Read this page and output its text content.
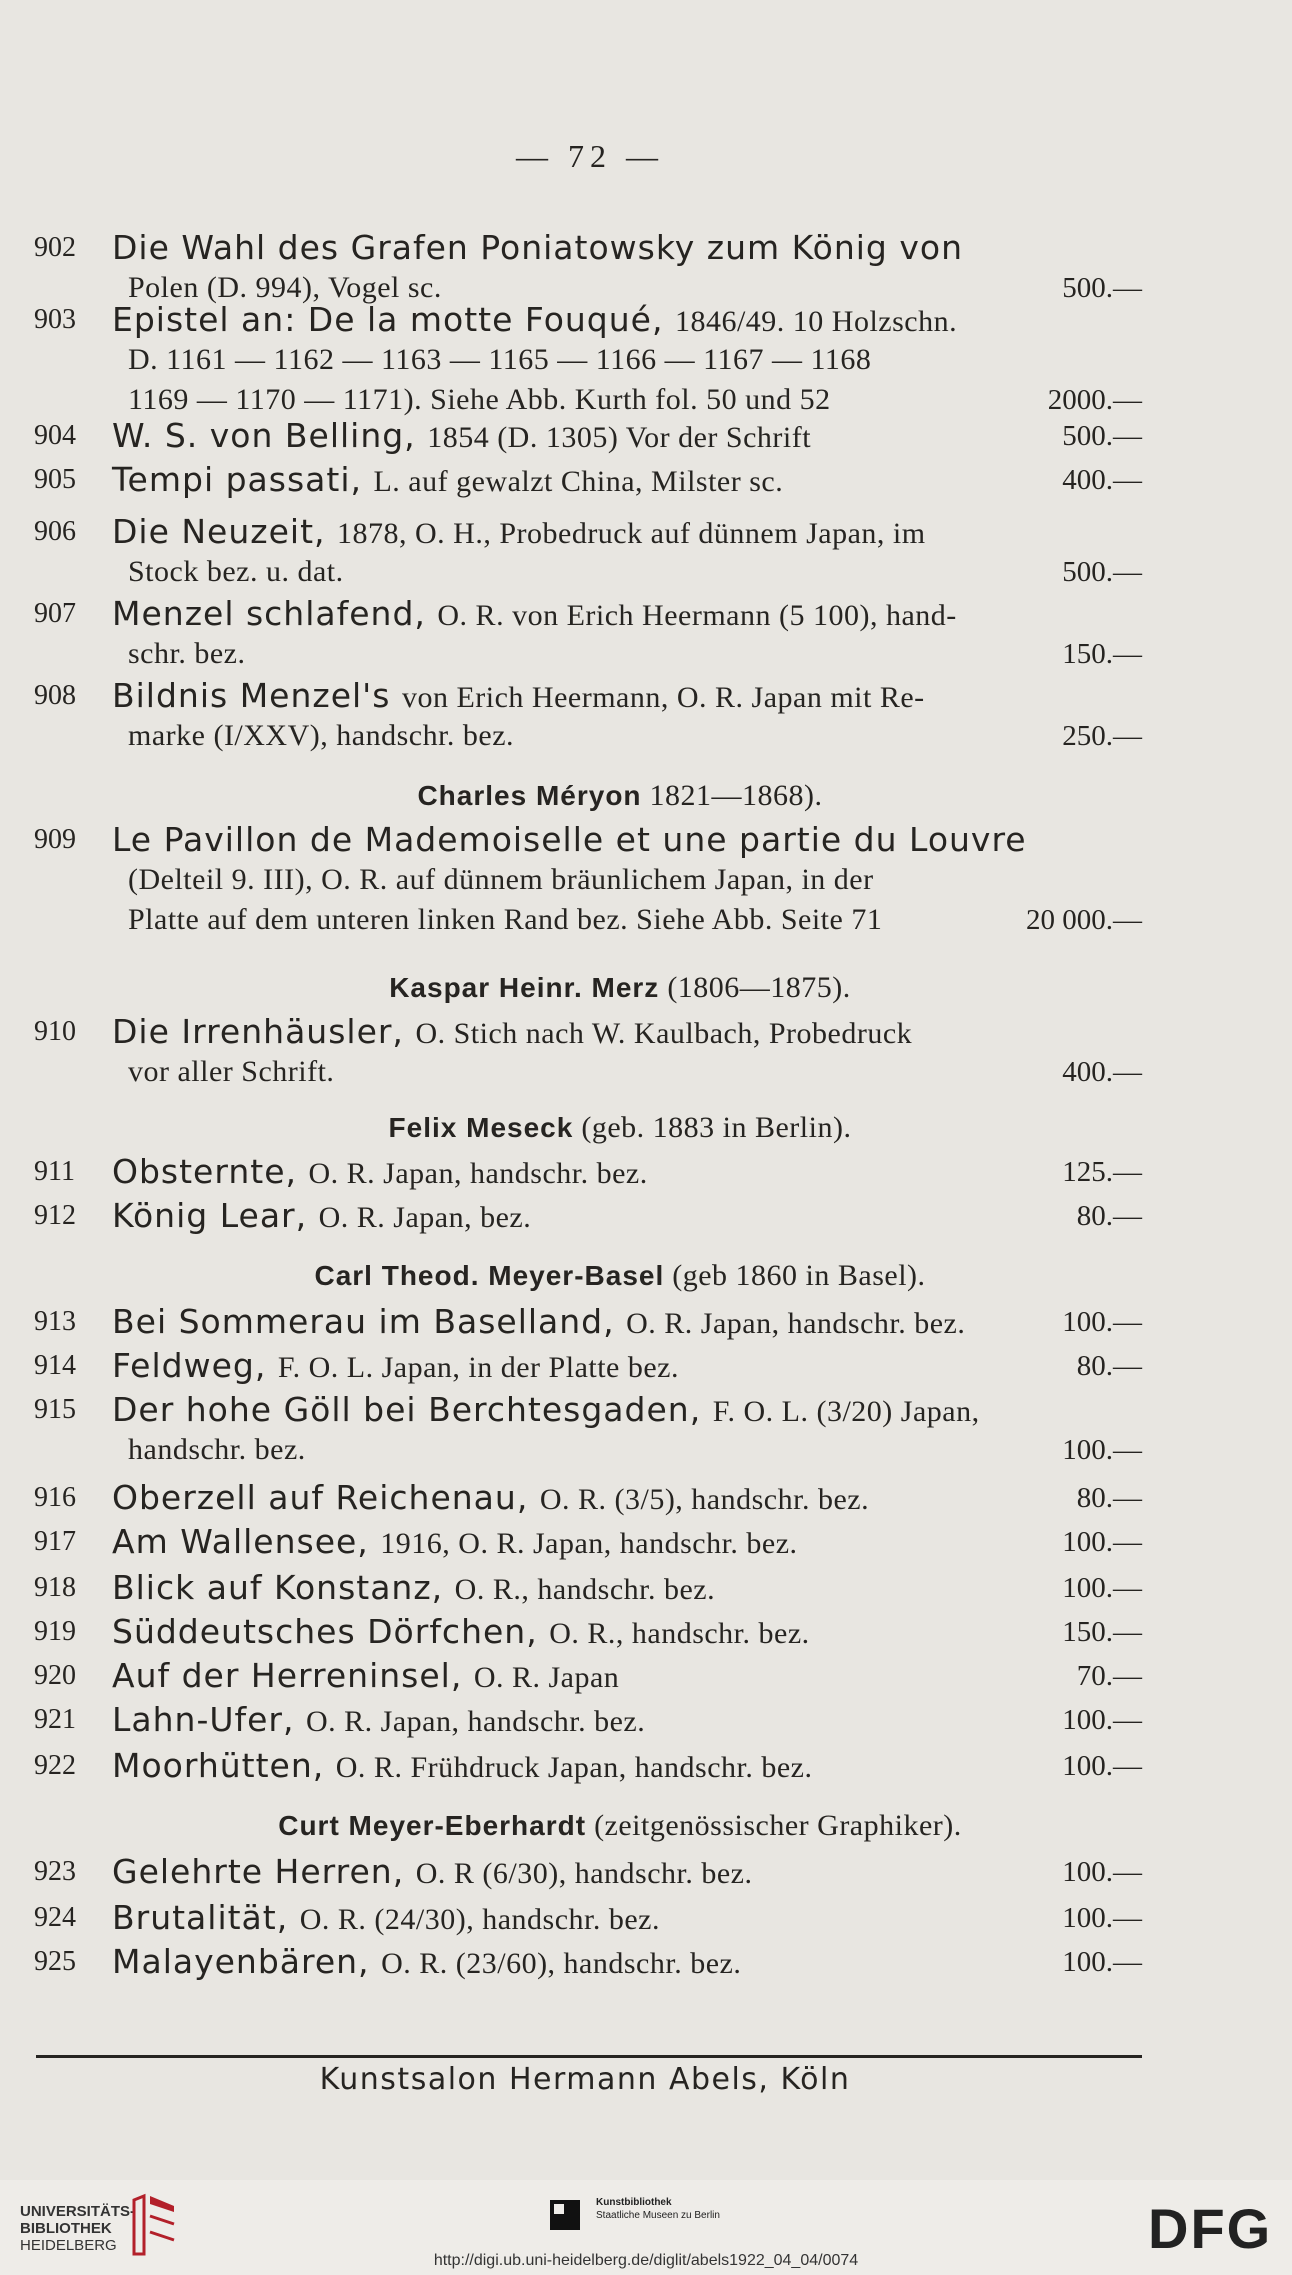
— 72 —
902	Die Wahl des Grafen Poniatowsky zum König von
Polen (D. 994), Vogel sc.	500.—
903	Epistel an: De la motte Fouqué, 1846/49. 10 Holzschn.
D. 1161 — 1162 — 1163 — 1165 — 1166 — 1167 — 1168
1169 — 1170 — 1171). Siehe Abb. Kurth fol. 50 und 52	2000.—
904	W. S. von Belling, 1854 (D. 1305) Vor der Schrift	500.—
905	Tempi passati, L. auf gewalzt China, Milster sc.	400.—
906	Die Neuzeit, 1878, O. H., Probedruck auf dünnem Japan, im
Stock bez. u. dat.	500.—
907	Menzel schlafend, O. R. von Erich Heermann (5 100), hand-
schr. bez.	150.—
908	Bildnis Menzel's von Erich Heermann, O. R. Japan mit Re-
marke (I/XXV), handschr. bez.	250.—
Charles Méryon 1821—1868).
909	Le Pavillon de Mademoiselle et une partie du Louvre
(Delteil 9. III), O. R. auf dünnem bräunlichem Japan, in der
Platte auf dem unteren linken Rand bez. Siehe Abb. Seite 71	20 000.—
Kaspar Heinr. Merz (1806—1875).
910	Die Irrenhäusler, O. Stich nach W. Kaulbach, Probedruck
vor aller Schrift.	400.—
Felix Meseck (geb. 1883 in Berlin).
911	Obsternte, O. R. Japan, handschr. bez.	125.—
912	König Lear, O. R. Japan, bez.	80.—
Carl Theod. Meyer-Basel (geb 1860 in Basel).
913	Bei Sommerau im Baselland, O. R. Japan, handschr. bez.	100.—
914	Feldweg, F. O. L. Japan, in der Platte bez.	80.—
915	Der hohe Göll bei Berchtesgaden, F. O. L. (3/20) Japan,
handschr. bez.	100.—
916	Oberzell auf Reichenau, O. R. (3/5), handschr. bez.	80.—
917	Am Wallensee, 1916, O. R. Japan, handschr. bez.	100.—
918	Blick auf Konstanz, O. R., handschr. bez.	100.—
919	Süddeutsches Dörfchen, O. R., handschr. bez.	150.—
920	Auf der Herreninsel, O. R. Japan	70.—
921	Lahn-Ufer, O. R. Japan, handschr. bez.	100.—
922	Moorhütten, O. R. Frühdruck Japan, handschr. bez.	100.—
Curt Meyer-Eberhardt (zeitgenössischer Graphiker).
923	Gelehrte Herren, O. R (6/30), handschr. bez.	100.—
924	Brutalität, O. R. (24/30), handschr. bez.	100.—
925	Malayenbären, O. R. (23/60), handschr. bez.	100.—
Kunstsalon Hermann Abels, Köln
UNIVERSITÄTS-
BIBLIOTHEK
HEIDELBERG
Kunstbibliothek
Staatliche Museen zu Berlin	DFG
http://digi.ub.uni-heidelberg.de/diglit/abels1922_04_04/0074
